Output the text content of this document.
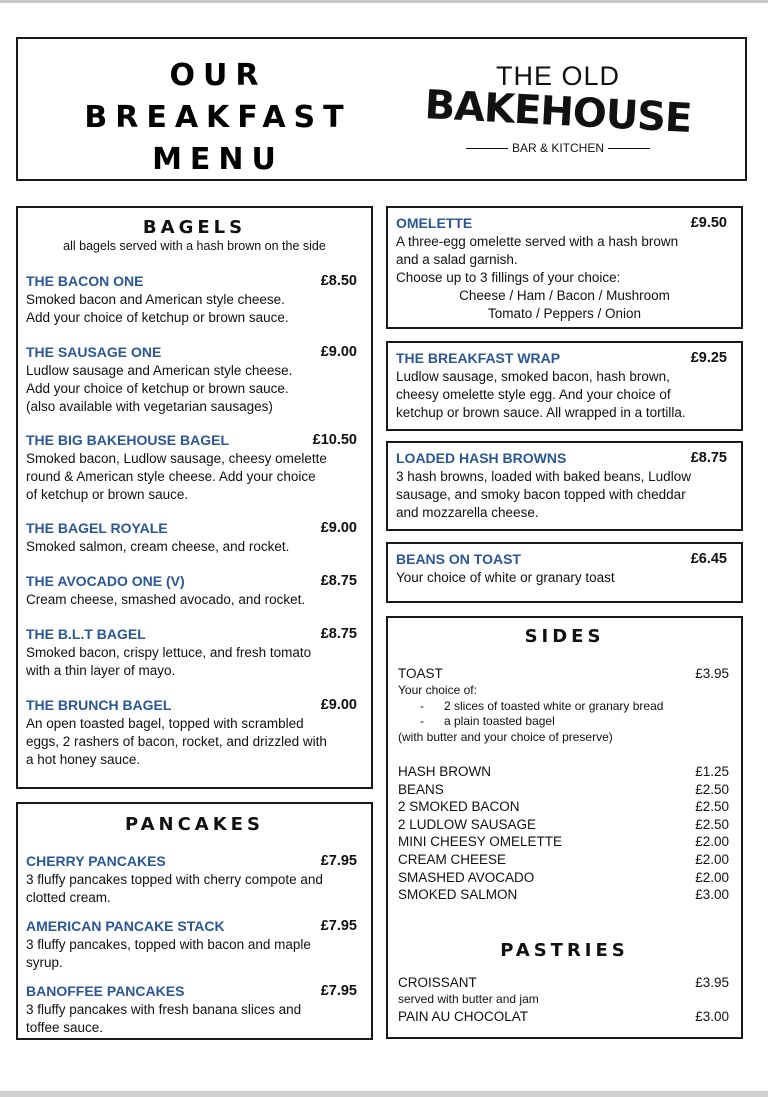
OUR
BREAKFAST
MENU
THE OLD
BAKEHOUSE
BAR & KITCHEN
BAGELS
all bagels served with a hash brown on the side
THE BACON ONE	£8.50
Smoked bacon and American style cheese.
Add your choice of ketchup or brown sauce.
THE SAUSAGE ONE	£9.00
Ludlow sausage and American style cheese.
Add your choice of ketchup or brown sauce.
(also available with vegetarian sausages)
THE BIG BAKEHOUSE BAGEL	£10.50
Smoked bacon, Ludlow sausage, cheesy omelette
round & American style cheese. Add your choice
of ketchup or brown sauce.
THE BAGEL ROYALE	£9.00
Smoked salmon, cream cheese, and rocket.
THE AVOCADO ONE (V)	£8.75
Cream cheese, smashed avocado, and rocket.
THE B.L.T BAGEL	£8.75
Smoked bacon, crispy lettuce, and fresh tomato
with a thin layer of mayo.
THE BRUNCH BAGEL	£9.00
An open toasted bagel, topped with scrambled
eggs, 2 rashers of bacon, rocket, and drizzled with
a hot honey sauce.
PANCAKES
CHERRY PANCAKES	£7.95
3 fluffy pancakes topped with cherry compote and
clotted cream.
AMERICAN PANCAKE STACK	£7.95
3 fluffy pancakes, topped with bacon and maple
syrup.
BANOFFEE PANCAKES	£7.95
3 fluffy pancakes with fresh banana slices and
toffee sauce.
OMELETTE	£9.50
A three-egg omelette served with a hash brown
and a salad garnish.
Choose up to 3 fillings of your choice:
Cheese / Ham / Bacon / Mushroom
Tomato / Peppers / Onion
THE BREAKFAST WRAP	£9.25
Ludlow sausage, smoked bacon, hash brown,
cheesy omelette style egg. And your choice of
ketchup or brown sauce. All wrapped in a tortilla.
LOADED HASH BROWNS	£8.75
3 hash browns, loaded with baked beans, Ludlow
sausage, and smoky bacon topped with cheddar
and mozzarella cheese.
BEANS ON TOAST	£6.45
Your choice of white or granary toast
SIDES
TOAST	£3.95
Your choice of:
-      2 slices of toasted white or granary bread
-      a plain toasted bagel
(with butter and your choice of preserve)
HASH BROWN	£1.25
BEANS	£2.50
2 SMOKED BACON	£2.50
2 LUDLOW SAUSAGE	£2.50
MINI CHEESY OMELETTE	£2.00
CREAM CHEESE	£2.00
SMASHED AVOCADO	£2.00
SMOKED SALMON	£3.00
PASTRIES
CROISSANT	£3.95
served with butter and jam
PAIN AU CHOCOLAT	£3.00
